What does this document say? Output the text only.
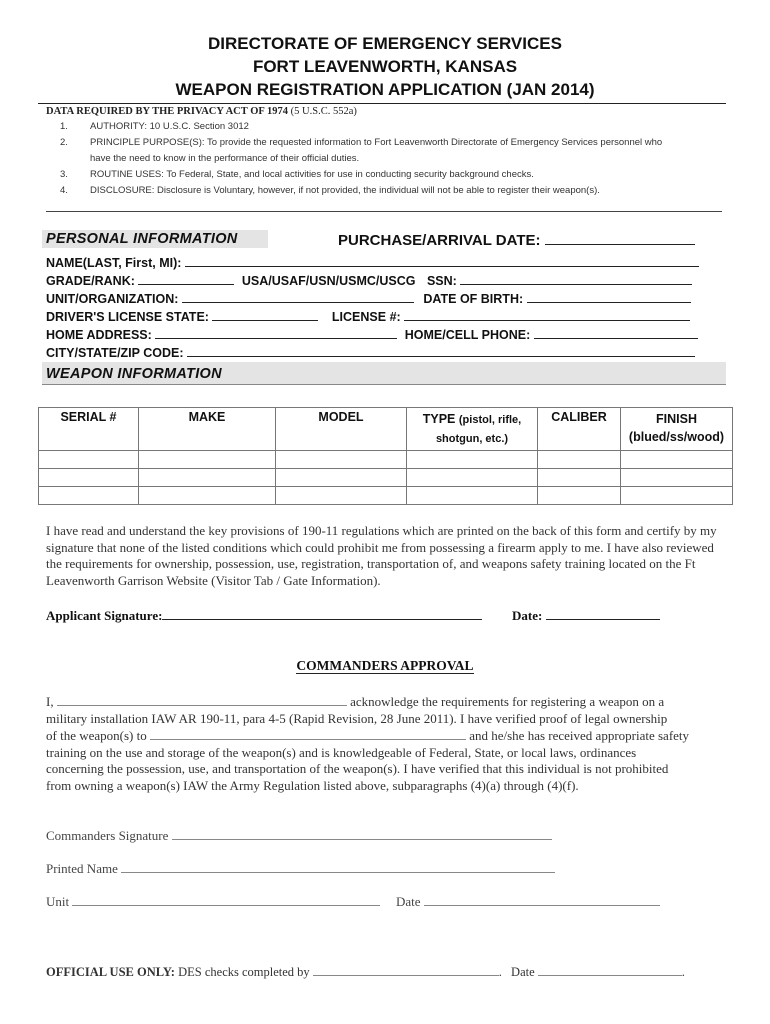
DIRECTORATE OF EMERGENCY SERVICES
FORT LEAVENWORTH, KANSAS
WEAPON REGISTRATION APPLICATION (JAN 2014)
DATA REQUIRED BY THE PRIVACY ACT OF 1974 (5 U.S.C. 552a)
1. AUTHORITY: 10 U.S.C. Section 3012
2. PRINCIPLE PURPOSE(S): To provide the requested information to Fort Leavenworth Directorate of Emergency Services personnel who
have the need to know in the performance of their official duties.
3. ROUTINE USES: To Federal, State, and local activities for use in conducting security background checks.
4. DISCLOSURE: Disclosure is Voluntary, however, if not provided, the individual will not be able to register their weapon(s).
PERSONAL INFORMATION	PURCHASE/ARRIVAL DATE:
NAME(LAST, First, MI):
GRADE/RANK:	USA/USAF/USN/USMC/USCG SSN:
UNIT/ORGANIZATION:	DATE OF BIRTH:
DRIVER'S LICENSE STATE:	LICENSE #:
HOME ADDRESS:	HOME/CELL PHONE:
CITY/STATE/ZIP CODE:
WEAPON INFORMATION
SERIAL #	MAKE	MODEL	TYPE (pistol, rifle, shotgun, etc.)	CALIBER	FINISH
(blued/ss/wood)

I have read and understand the key provisions of 190-11 regulations which are printed on the back of this form and certify by my signature that none of the listed conditions which could prohibit me from possessing a firearm apply to me. I have also reviewed the requirements for ownership, possession, use, registration, transportation of, and weapons safety training located on the Ft Leavenworth Garrison Website (Visitor Tab / Gate Information).
Applicant Signature:	Date:
COMMANDERS APPROVAL
I,	acknowledge the requirements for registering a weapon on a
military installation IAW AR 190-11, para 4-5 (Rapid Revision, 28 June 2011). I have verified proof of legal ownership
of the weapon(s) to	and he/she has received appropriate safety
training on the use and storage of the weapon(s) and is knowledgeable of Federal, State, or local laws, ordinances
concerning the possession, use, and transportation of the weapon(s). I have verified that this individual is not prohibited
from owning a weapon(s) IAW the Army Regulation listed above, subparagraphs (4)(a) through (4)(f).
Commanders Signature
Printed Name
Unit	Date
OFFICIAL USE ONLY: DES checks completed by	. Date	.
